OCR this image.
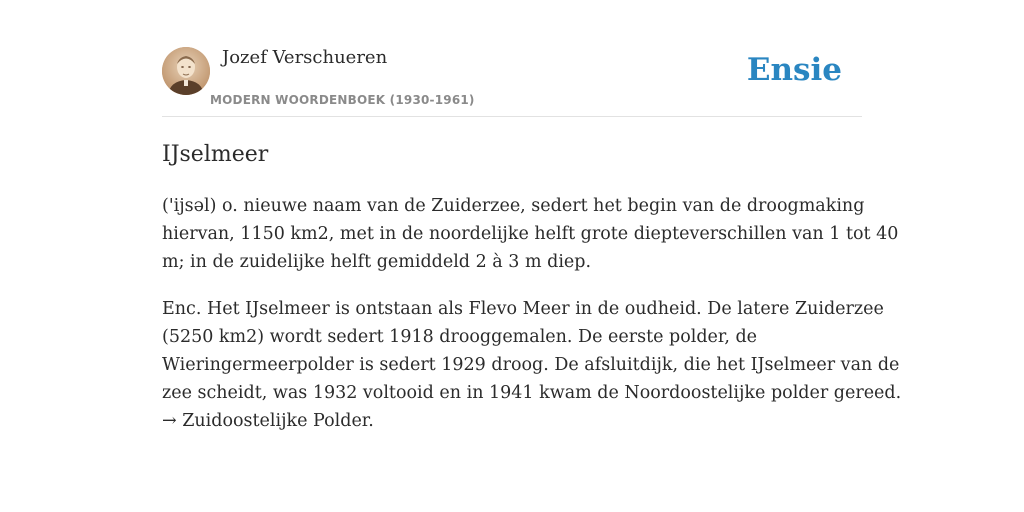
Jozef Verschueren
MODERN WOORDENBOEK (1930-1961)
Ensie
IJselmeer

('ijsəl) o. nieuwe naam van de Zuiderzee, sedert het begin van de droogmaking
hiervan, 1150 km2, met in de noordelijke helft grote diepteverschillen van 1 tot 40
m; in de zuidelijke helft gemiddeld 2 à 3 m diep.

Enc. Het IJselmeer is ontstaan als Flevo Meer in de oudheid. De latere Zuiderzee
(5250 km2) wordt sedert 1918 drooggemalen. De eerste polder, de
Wieringermeerpolder is sedert 1929 droog. De afsluitdijk, die het IJselmeer van de
zee scheidt, was 1932 voltooid en in 1941 kwam de Noordoostelijke polder gereed.
→ Zuidoostelijke Polder.
